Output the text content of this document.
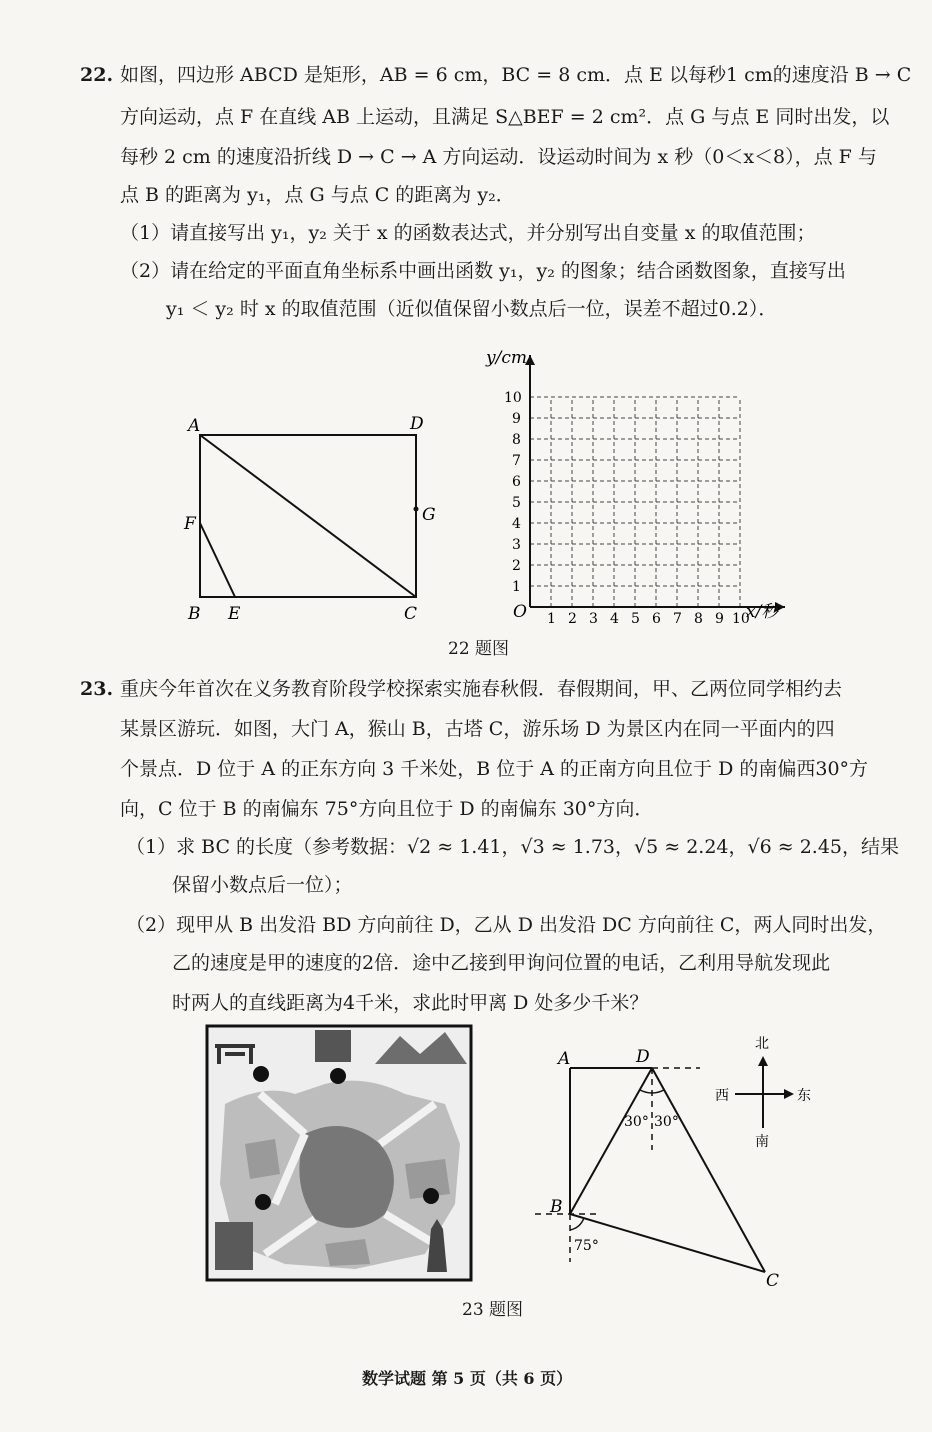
22. 如图，四边形 ABCD 是矩形，AB = 6 cm，BC = 8 cm．点 E 以每秒1 cm的速度沿 B → C
方向运动，点 F 在直线 AB 上运动，且满足 S△BEF = 2 cm²．点 G 与点 E 同时出发，以
每秒 2 cm 的速度沿折线 D → C → A 方向运动．设运动时间为 x 秒（0＜x＜8），点 F 与
点 B 的距离为 y₁，点 G 与点 C 的距离为 y₂．
（1）请直接写出 y₁，y₂ 关于 x 的函数表达式，并分别写出自变量 x 的取值范围；
（2）请在给定的平面直角坐标系中画出函数 y₁，y₂ 的图象；结合函数图象，直接写出
y₁ ＜ y₂ 时 x 的取值范围（近似值保留小数点后一位，误差不超过0.2）．
A	D
F	G
B E	C
y/cm
x/秒
O 1 2 3 4 5 6 7 8 9 10
1
2
3
4
5
6
7
8
9
10
22 题图
23. 重庆今年首次在义务教育阶段学校探索实施春秋假．春假期间，甲、乙两位同学相约去
某景区游玩．如图，大门 A，猴山 B，古塔 C，游乐场 D 为景区内在同一平面内的四
个景点．D 位于 A 的正东方向 3 千米处，B 位于 A 的正南方向且位于 D 的南偏西30°方
向，C 位于 B 的南偏东 75°方向且位于 D 的南偏东 30°方向．
（1）求 BC 的长度（参考数据：√2 ≈ 1.41，√3 ≈ 1.73，√5 ≈ 2.24，√6 ≈ 2.45，结果
保留小数点后一位）；
（2）现甲从 B 出发沿 BD 方向前往 D，乙从 D 出发沿 DC 方向前往 C，两人同时出发，
乙的速度是甲的速度的2倍．途中乙接到甲询问位置的电话，乙利用导航发现此
时两人的直线距离为4千米，求此时甲离 D 处多少千米？
A	D
B
C
30° 30°
75°
北
南
西	东
23 题图
数学试题 第 5 页（共 6 页）
